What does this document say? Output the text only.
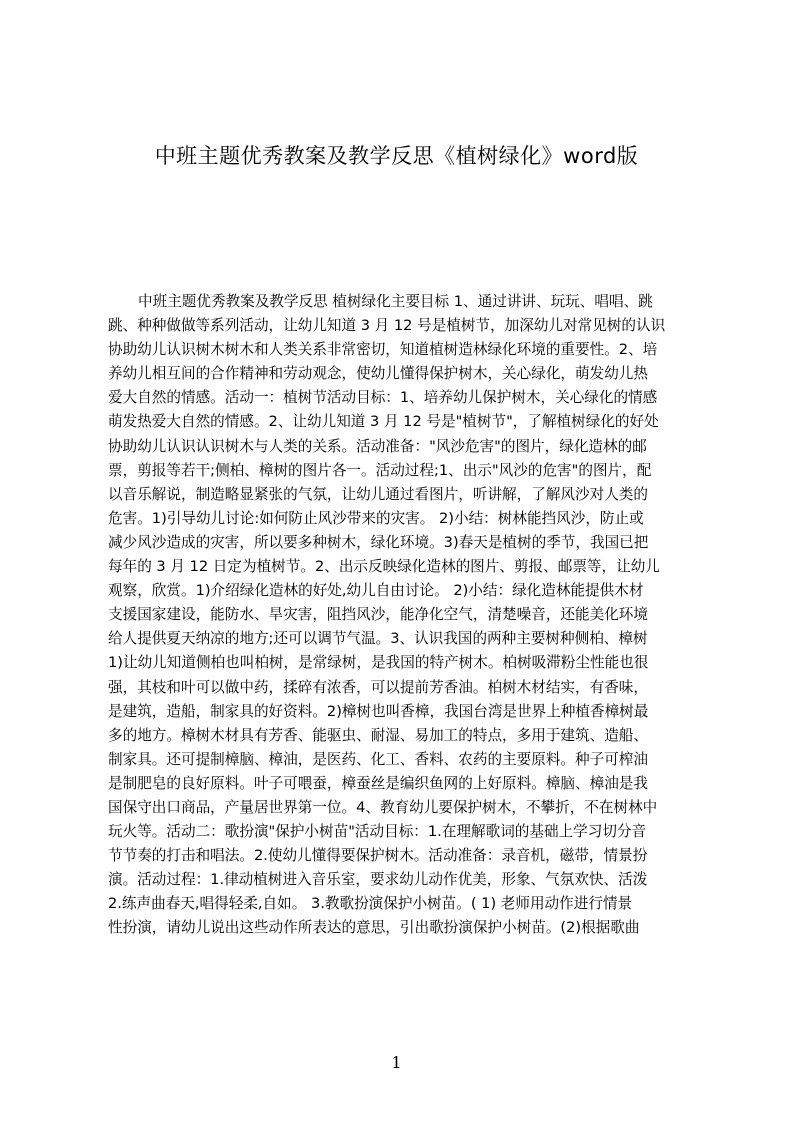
中班主题优秀教案及教学反思《植树绿化》word版
中班主题优秀教案及教学反思 植树绿化主要目标 1、通过讲讲、玩玩、唱唱、跳
跳、种种做做等系列活动，让幼儿知道 3 月 12 号是植树节，加深幼儿对常见树的认识
协助幼儿认识树木树木和人类关系非常密切，知道植树造林绿化环境的重要性。2、培
养幼儿相互间的合作精神和劳动观念，使幼儿懂得保护树木，关心绿化，萌发幼儿热
爱大自然的情感。活动一：植树节活动目标：1、培养幼儿保护树木，关心绿化的情感
萌发热爱大自然的情感。2、让幼儿知道 3 月 12 号是"植树节"，了解植树绿化的好处
协助幼儿认识认识树木与人类的关系。活动准备："风沙危害"的图片，绿化造林的邮
票，剪报等若干;侧柏、樟树的图片各一。活动过程;1、出示"风沙的危害"的图片，配
以音乐解说，制造略显紧张的气氛，让幼儿通过看图片，听讲解，了解风沙对人类的
危害。1)引导幼儿讨论:如何防止风沙带来的灾害。 2)小结：树林能挡风沙，防止或
减少风沙造成的灾害，所以要多种树木，绿化环境。3)春天是植树的季节，我国已把
每年的 3 月 12 日定为植树节。2、出示反映绿化造林的图片、剪报、邮票等，让幼儿
观察，欣赏。1)介绍绿化造林的好处,幼儿自由讨论。 2)小结：绿化造林能提供木材
支援国家建设，能防水、旱灾害，阻挡风沙，能净化空气，清楚噪音，还能美化环境
给人提供夏天纳凉的地方;还可以调节气温。3、认识我国的两种主要树种侧柏、樟树
1)让幼儿知道侧柏也叫柏树，是常绿树，是我国的特产树木。柏树吸滞粉尘性能也很
强，其枝和叶可以做中药，揉碎有浓香，可以提前芳香油。柏树木材结实，有香味，
是建筑，造船，制家具的好资料。2)樟树也叫香樟，我国台湾是世界上种植香樟树最
多的地方。樟树木材具有芳香、能驱虫、耐湿、易加工的特点，多用于建筑、造船、
制家具。还可提制樟脑、樟油，是医药、化工、香料、农药的主要原料。种子可榨油
是制肥皂的良好原料。叶子可喂蚕，樟蚕丝是编织鱼网的上好原料。樟脑、樟油是我
国保守出口商品，产量居世界第一位。4、教育幼儿要保护树木，不攀折，不在树林中
玩火等。活动二：歌扮演"保护小树苗"活动目标：1.在理解歌词的基础上学习切分音
节节奏的打击和唱法。2.使幼儿懂得要保护树木。活动准备：录音机，磁带，情景扮
演。活动过程：1.律动植树进入音乐室，要求幼儿动作优美，形象、气氛欢快、活泼
2.练声曲春天,唱得轻柔,自如。 3.教歌扮演保护小树苗。( 1) 老师用动作进行情景
性扮演，请幼儿说出这些动作所表达的意思，引出歌扮演保护小树苗。(2)根据歌曲
1
